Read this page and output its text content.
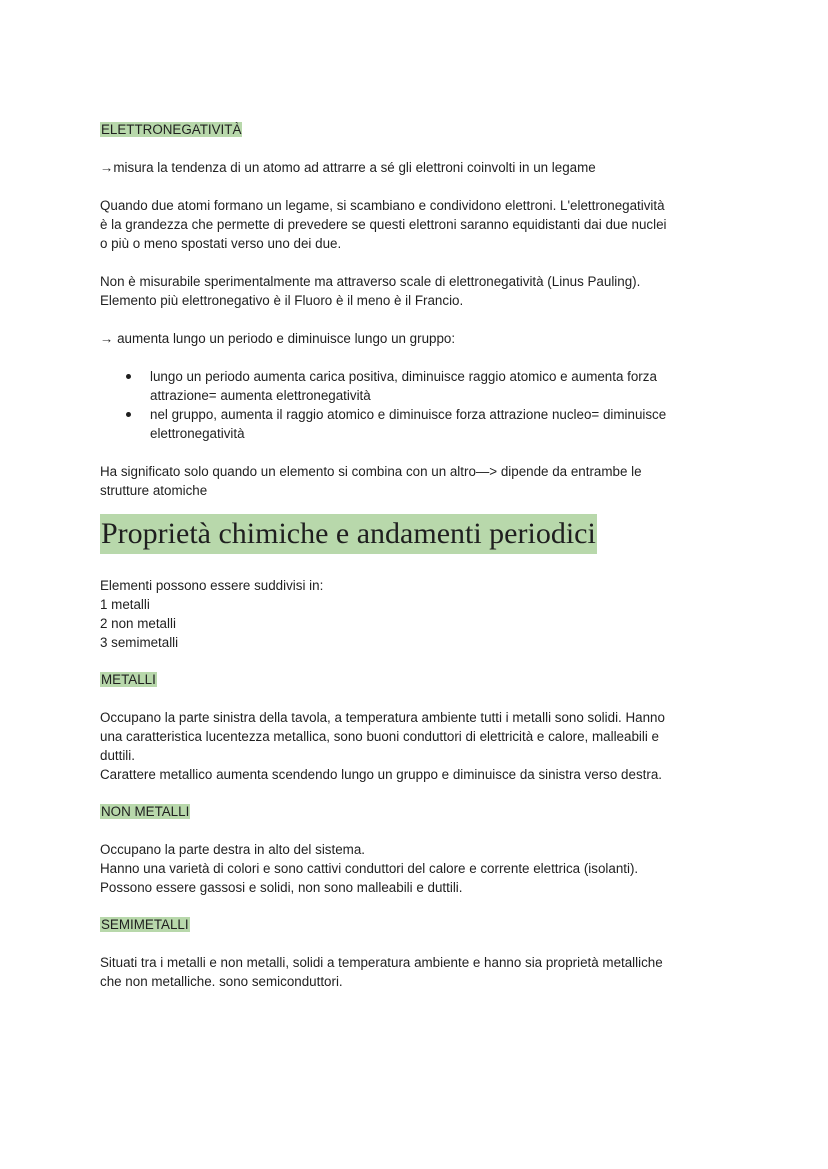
ELETTRONEGATIVITÀ

→misura la tendenza di un atomo ad attrarre a sé gli elettroni coinvolti in un legame

Quando due atomi formano un legame, si scambiano e condividono elettroni. L'elettronegatività

è la grandezza che permette di prevedere se questi elettroni saranno equidistanti dai due nuclei

o più o meno spostati verso uno dei due.

Non è misurabile sperimentalmente ma attraverso scale di elettronegatività (Linus Pauling).

Elemento più elettronegativo è il Fluoro è il meno è il Francio.

→ aumenta lungo un periodo e diminuisce lungo un gruppo:

lungo un periodo aumenta carica positiva, diminuisce raggio atomico e aumenta forza
attrazione= aumenta elettronegatività
nel gruppo, aumenta il raggio atomico e diminuisce forza attrazione nucleo= diminuisce
elettronegatività

Ha significato solo quando un elemento si combina con un altro—> dipende da entrambe le

strutture atomiche

Proprietà chimiche e andamenti periodici

Elementi possono essere suddivisi in:

1 metalli

2 non metalli

3 semimetalli

METALLI

Occupano la parte sinistra della tavola, a temperatura ambiente tutti i metalli sono solidi. Hanno

una caratteristica lucentezza metallica, sono buoni conduttori di elettricità e calore, malleabili e

duttili.

Carattere metallico aumenta scendendo lungo un gruppo e diminuisce da sinistra verso destra.

NON METALLI

Occupano la parte destra in alto del sistema.

Hanno una varietà di colori e sono cattivi conduttori del calore e corrente elettrica (isolanti).

Possono essere gassosi e solidi, non sono malleabili e duttili.

SEMIMETALLI

Situati tra i metalli e non metalli, solidi a temperatura ambiente e hanno sia proprietà metalliche

che non metalliche. sono semiconduttori.
